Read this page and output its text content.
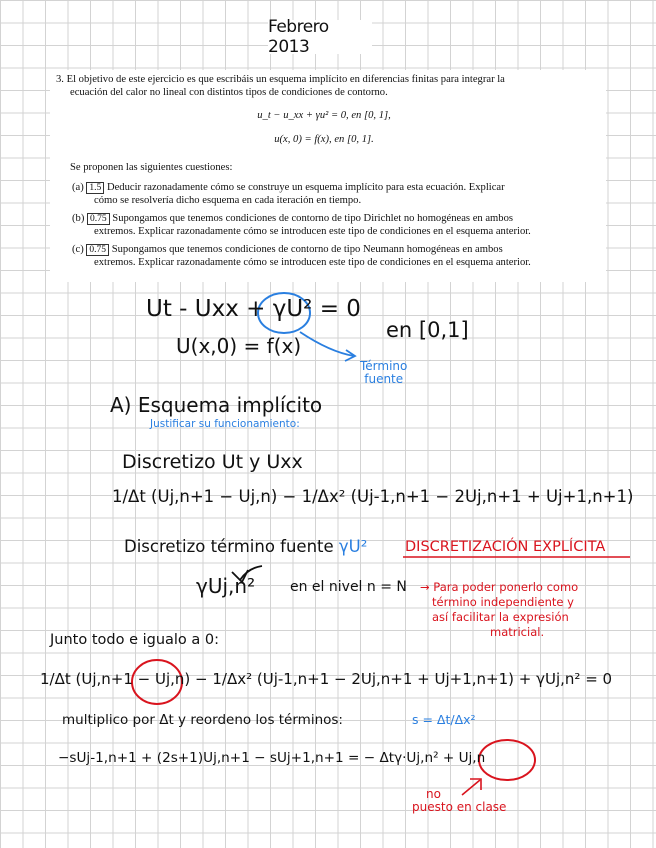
Febrero 2013
3. El objetivo de este ejercicio es que escribáis un esquema implícito en diferencias finitas para integrar la
ecuación del calor no lineal con distintos tipos de condiciones de contorno.
u_t − u_xx + γu² = 0, en [0, 1],
u(x, 0) = f(x), en [0, 1].
Se proponen las siguientes cuestiones:
(a) 1.5 Deducir razonadamente cómo se construye un esquema implícito para esta ecuación. Explicar
cómo se resolvería dicho esquema en cada iteración en tiempo.
(b) 0.75 Supongamos que tenemos condiciones de contorno de tipo Dirichlet no homogéneas en ambos
extremos. Explicar razonadamente cómo se introducen este tipo de condiciones en el esquema anterior.
(c) 0.75 Supongamos que tenemos condiciones de contorno de tipo Neumann homogéneas en ambos
extremos. Explicar razonadamente cómo se introducen este tipo de condiciones en el esquema anterior.
Ut - Uxx + γU² = 0
en [0,1]
U(x,0) = f(x)
Término
fuente
A) Esquema implícito
Justificar su funcionamiento:
Discretizo Ut y Uxx
1/Δt (Uj,n+1 − Uj,n) − 1/Δx² (Uj-1,n+1 − 2Uj,n+1 + Uj+1,n+1)
Discretizo término fuente γU²	DISCRETIZACIÓN EXPLÍCITA
γUj,n² en el nivel n = N → Para poder ponerlo como
término independiente y
así facilitar la expresión
matricial.
Junto todo e igualo a 0:
1/Δt (Uj,n+1 − Uj,n) − 1/Δx² (Uj-1,n+1 − 2Uj,n+1 + Uj+1,n+1) + γUj,n² = 0
multiplico por Δt y reordeno los términos:	s = Δt/Δx²
−sUj-1,n+1 + (2s+1)Uj,n+1 − sUj+1,n+1 = − Δtγ·Uj,n² + Uj,n
no
puesto en clase
